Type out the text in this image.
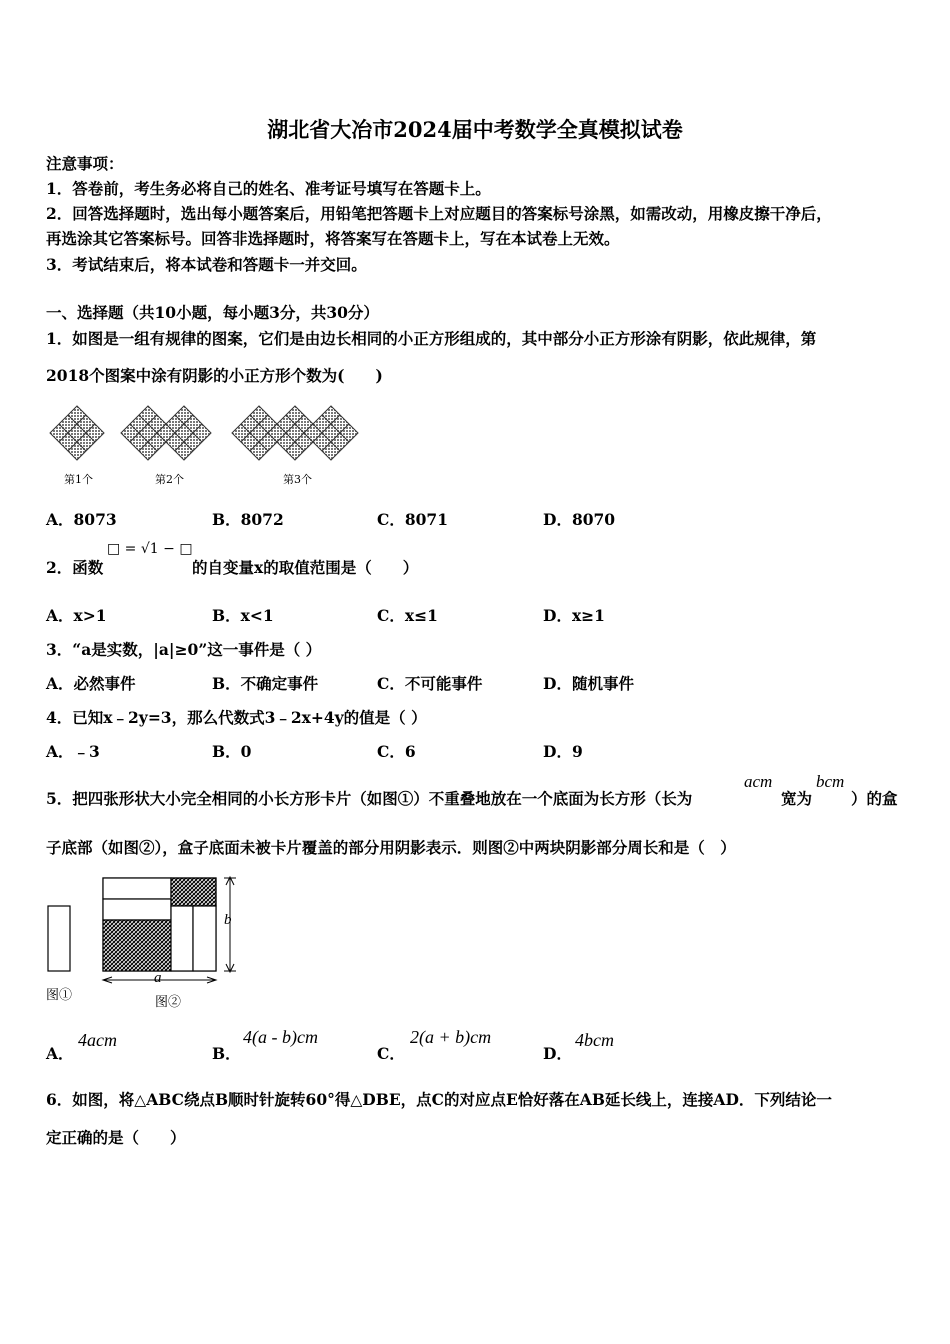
湖北省大冶市2024届中考数学全真模拟试卷
注意事项：
1．答卷前，考生务必将自己的姓名、准考证号填写在答题卡上。
2．回答选择题时，选出每小题答案后，用铅笔把答题卡上对应题目的答案标号涂黑，如需改动，用橡皮擦干净后，
再选涂其它答案标号。回答非选择题时，将答案写在答题卡上，写在本试卷上无效。
3．考试结束后，将本试卷和答题卡一并交回。
一、选择题（共10小题，每小题3分，共30分）
1．如图是一组有规律的图案，它们是由边长相同的小正方形组成的，其中部分小正方形涂有阴影，依此规律，第
2018个图案中涂有阴影的小正方形个数为(　　)
第1个	第2个	第3个
A．8073	B．8072	C．8071	D．8070
2．函数
□ = √1 − □
的自变量x的取值范围是（　　）
A．x>1	B．x<1	C．x≤1	D．x≥1
3．“a是实数，|a|≥0”这一事件是（ ）
A．必然事件	B．不确定事件	C．不可能事件	D．随机事件
4．已知x﹣2y=3，那么代数式3﹣2x+4y的值是（ ）
A．﹣3	B．0	C．6	D．9
5．把四张形状大小完全相同的小长方形卡片（如图①）不重叠地放在一个底面为长方形（长为
acm
宽为
bcm
）的盒
子底部（如图②），盒子底面未被卡片覆盖的部分用阴影表示．则图②中两块阴影部分周长和是（　）
b
a
图①	图②
A．
4acm
B．
4(a - b)cm
C．
2(a + b)cm
D．
4bcm
6．如图，将△ABC绕点B顺时针旋转60°得△DBE，点C的对应点E恰好落在AB延长线上，连接AD．下列结论一
定正确的是（　　）
